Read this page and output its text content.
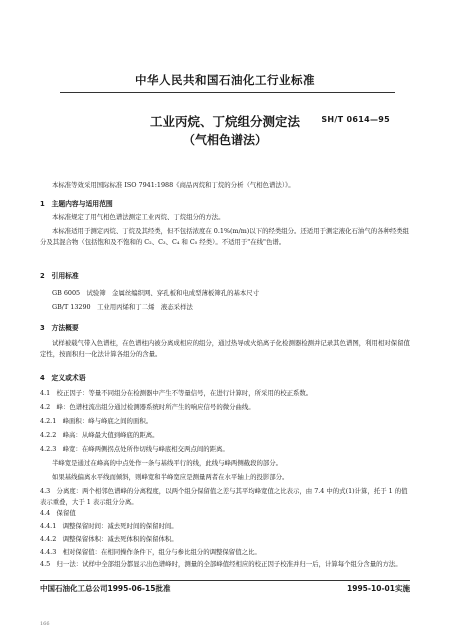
中华人民共和国石油化工行业标准
工业丙烷、丁烷组分测定法
（气相色谱法）
SH/T 0614—95
本标准等效采用国际标准 ISO 7941:1988《商品丙烷和丁烷的分析（气相色谱法）》。
1　主题内容与适用范围
本标准规定了用气相色谱法测定工业丙烷、丁烷组分的方法。
本标准适用于测定丙烷、丁烷及其经类，但不包括浓度在 0.1%(m/m)以下的经类组分。还适用于测定液化石油气的各种经类组分及其混合物（包括饱和及不饱和的 C₂、C₃、C₄ 和 C₅ 经类）。不适用于"在线"色谱。
2　引用标准
GB 6005　试验筛　金属丝编织网、穿孔板和电成型薄板筛孔的基本尺寸
GB/T 13290　工业用丙烯和丁二烯　液态采样法
3　方法概要
试样被载气带入色谱柱，在色谱柱内被分离成相应的组分，通过热导或火焰离子化检测器检测并记录其色谱图，利用相对保留值定性，按面积归一化法计算各组分的含量。
4　定义或术语
4.1　校正因子：等量不同组分在检测器中产生不等量信号，在进行计算时，所采用的校正系数。
4.2　峰：色谱柱流出组分通过检测器系统时所产生的响应信号的微分曲线。
4.2.1　峰面积：峰与峰底之间的面积。
4.2.2　峰高：从峰最大值到峰底的距离。
4.2.3　峰宽：在峰两侧拐点处所作切线与峰底相交两点间的距离。
半峰宽是通过在峰高的中点处作一条与基线平行的线，此线与峰两侧截段的部分。
如果基线偏离水平线而倾斜，则峰宽和半峰宽应是测量两者在水平轴上的投影部分。
4.3　分离度：两个相邻色谱峰的分离程度，以两个组分保留值之差与其平均峰宽值之比表示，由 7.4 中的式(1)计算，托于 1 的值表示重叠，大于 1 表示组分分离。
4.4　保留值
4.4.1　调整保留时间：减去死时间的保留时间。
4.4.2　调整保留体积：减去死体积的保留体积。
4.4.3　相对保留值：在相同操作条件下，组分与参比组分的调整保留值之比。
4.5　归一法：试样中全部组分都显示出色谱峰时，测量的全部峰值经相应的校正因子校准并归一后，计算每个组分含量的方法。
中国石油化工总公司1995-06-15批准	1995-10-01实施
166
